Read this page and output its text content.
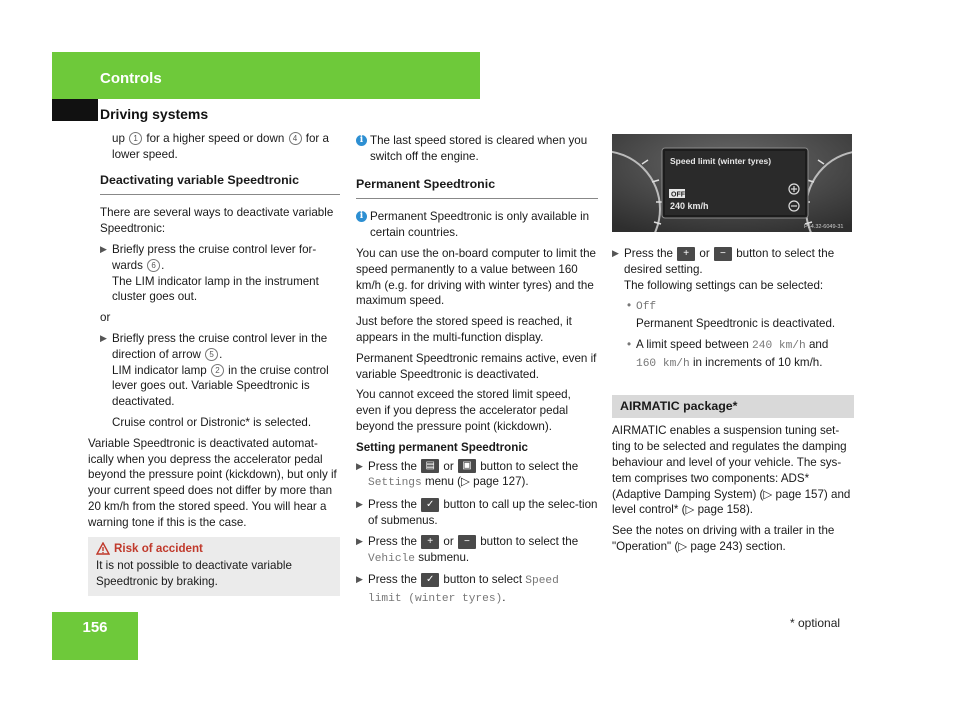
Controls
Driving systems

up 1 for a higher speed or down 4 for a lower speed.

Deactivating variable Speedtronic

There are several ways to deactivate variable Speedtronic:

▶ Briefly press the cruise control lever for-wards 6 .
The LIM indicator lamp in the instrument cluster goes out.

or

▶ Briefly press the cruise control lever in the direction of arrow 5 .
LIM indicator lamp 2 in the cruise control lever goes out. Variable Speedtronic is deactivated.

Cruise control or Distronic* is selected.

Variable Speedtronic is deactivated automat-ically when you depress the accelerator pedal beyond the pressure point (kickdown), but only if your current speed does not differ by more than 20 km/h from the stored speed. You will hear a warning tone if this is the case.

Risk of accident

It is not possible to deactivate variable Speedtronic by braking.

i The last speed stored is cleared when you switch off the engine.

Permanent Speedtronic

i Permanent Speedtronic is only available in certain countries.

You can use the on-board computer to limit the speed permanently to a value between 160 km/h (e.g. for driving with winter tyres) and the maximum speed.

Just before the stored speed is reached, it appears in the multi-function display.

Permanent Speedtronic remains active, even if variable Speedtronic is deactivated.

You cannot exceed the stored limit speed, even if you depress the accelerator pedal beyond the pressure point (kickdown).

Setting permanent Speedtronic

▶ Press the ▤ or ▣ button to select the Settings menu (▷ page 127).
▶ Press the ✓ button to call up the selec-tion of submenus.
▶ Press the + or − button to select the Vehicle submenu.
▶ Press the ✓ button to select Speed limit (winter tyres).
Speed limit (winter tyres)
OFF
240 km/h
P54.32-6049-31
▶ Press the + or − button to select the desired setting.
The following settings can be selected:
• Off
Permanent Speedtronic is deactivated.
• A limit speed between 240 km/h and
160 km/h in increments of 10 km/h.

AIRMATIC package*

AIRMATIC enables a suspension tuning set-ting to be selected and regulates the damping behaviour and level of your vehicle. The sys-tem comprises two components: ADS* (Adaptive Damping System) (▷ page 157) and level control* (▷ page 158).

See the notes on driving with a trailer in the "Operation" (▷ page 243) section.

156	* optional
